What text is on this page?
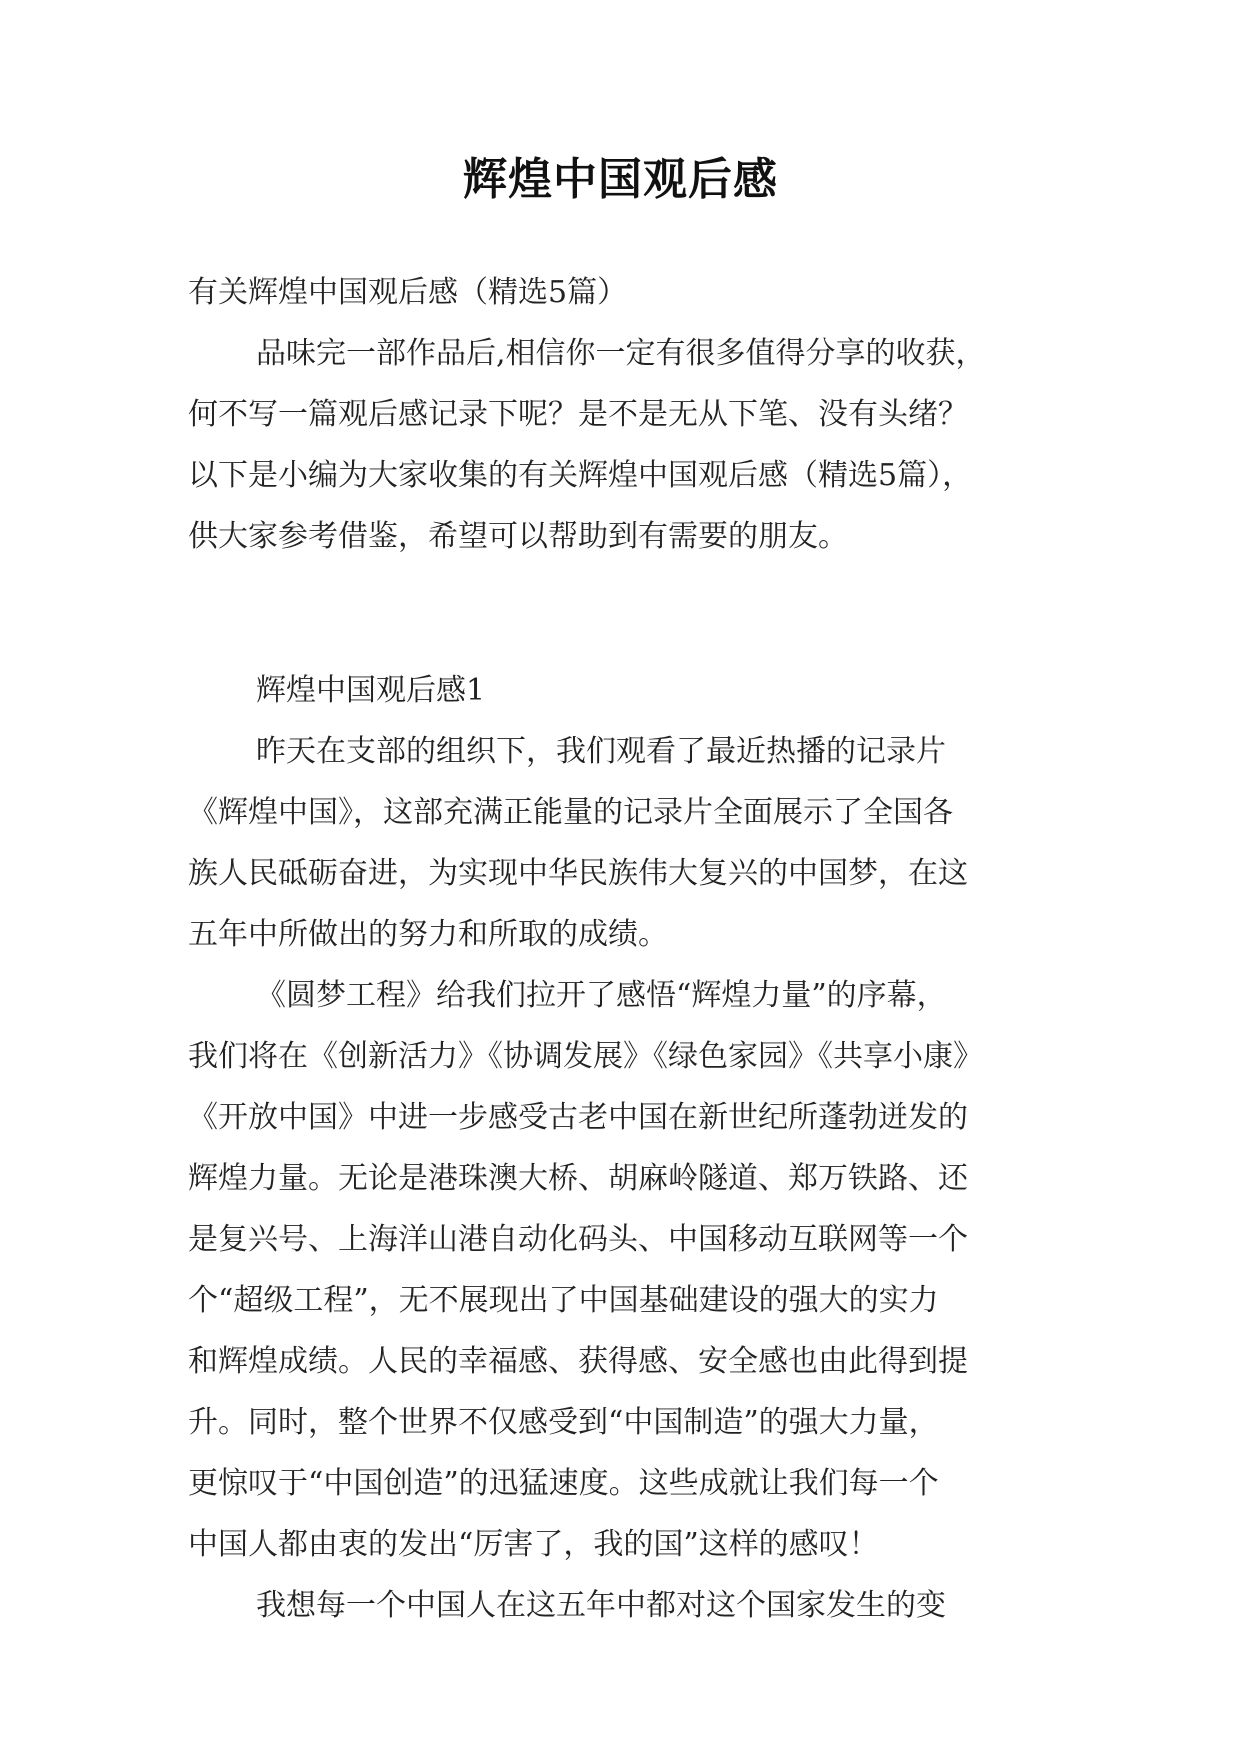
辉煌中国观后感
有关辉煌中国观后感（精选5篇）
品味完一部作品后,相信你一定有很多值得分享的收获，
何不写一篇观后感记录下呢？是不是无从下笔、没有头绪？
以下是小编为大家收集的有关辉煌中国观后感（精选5篇），
供大家参考借鉴，希望可以帮助到有需要的朋友。
辉煌中国观后感1
昨天在支部的组织下，我们观看了最近热播的记录片
《辉煌中国》，这部充满正能量的记录片全面展示了全国各
族人民砥砺奋进，为实现中华民族伟大复兴的中国梦，在这
五年中所做出的努力和所取的成绩。
《圆梦工程》给我们拉开了感悟“辉煌力量”的序幕，
我们将在《创新活力》《协调发展》《绿色家园》《共享小康》
《开放中国》中进一步感受古老中国在新世纪所蓬勃迸发的
辉煌力量。无论是港珠澳大桥、胡麻岭隧道、郑万铁路、还
是复兴号、上海洋山港自动化码头、中国移动互联网等一个
个“超级工程”，无不展现出了中国基础建设的强大的实力
和辉煌成绩。人民的幸福感、获得感、安全感也由此得到提
升。同时，整个世界不仅感受到“中国制造”的强大力量，
更惊叹于“中国创造”的迅猛速度。这些成就让我们每一个
中国人都由衷的发出“厉害了，我的国”这样的感叹！
我想每一个中国人在这五年中都对这个国家发生的变
